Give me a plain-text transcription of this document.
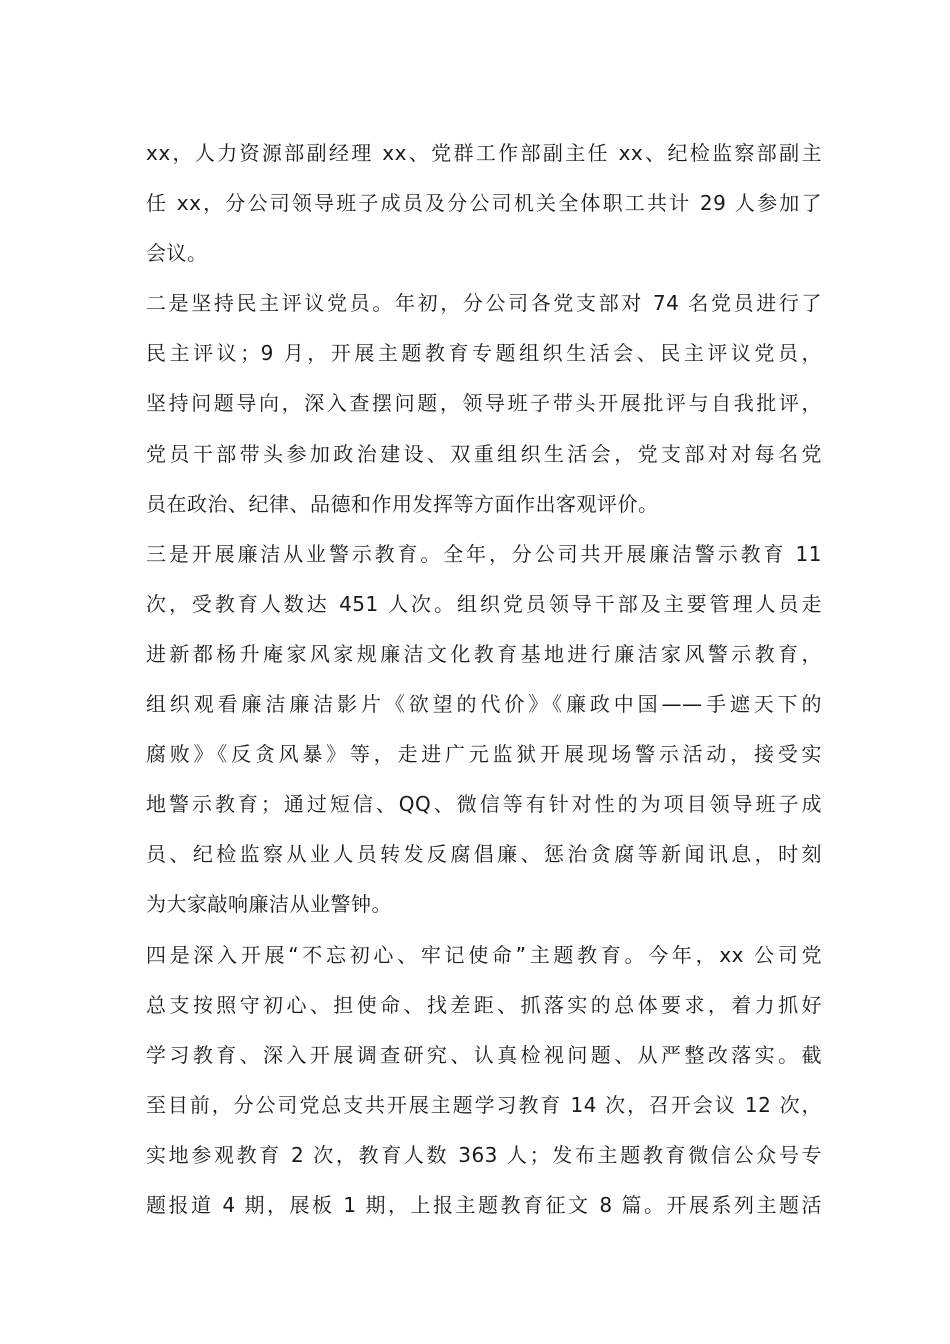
xx，人力资源部副经理 xx、党群工作部副主任 xx、纪检监察部副主
任 xx，分公司领导班子成员及分公司机关全体职工共计 29 人参加了
会议。
二是坚持民主评议党员。年初，分公司各党支部对 74 名党员进行了
民主评议；9 月，开展主题教育专题组织生活会、民主评议党员，
坚持问题导向，深入查摆问题，领导班子带头开展批评与自我批评，
党员干部带头参加政治建设、双重组织生活会，党支部对对每名党
员在政治、纪律、品德和作用发挥等方面作出客观评价。
三是开展廉洁从业警示教育。全年，分公司共开展廉洁警示教育 11
次，受教育人数达 451 人次。组织党员领导干部及主要管理人员走
进新都杨升庵家风家规廉洁文化教育基地进行廉洁家风警示教育，
组织观看廉洁廉洁影片《欲望的代价》《廉政中国——手遮天下的
腐败》《反贪风暴》等，走进广元监狱开展现场警示活动，接受实
地警示教育；通过短信、QQ、微信等有针对性的为项目领导班子成
员、纪检监察从业人员转发反腐倡廉、惩治贪腐等新闻讯息，时刻
为大家敲响廉洁从业警钟。
四是深入开展“不忘初心、牢记使命”主题教育。今年，xx 公司党
总支按照守初心、担使命、找差距、抓落实的总体要求，着力抓好
学习教育、深入开展调查研究、认真检视问题、从严整改落实。截
至目前，分公司党总支共开展主题学习教育 14 次，召开会议 12 次，
实地参观教育 2 次，教育人数 363 人；发布主题教育微信公众号专
题报道 4 期，展板 1 期，上报主题教育征文 8 篇。开展系列主题活
